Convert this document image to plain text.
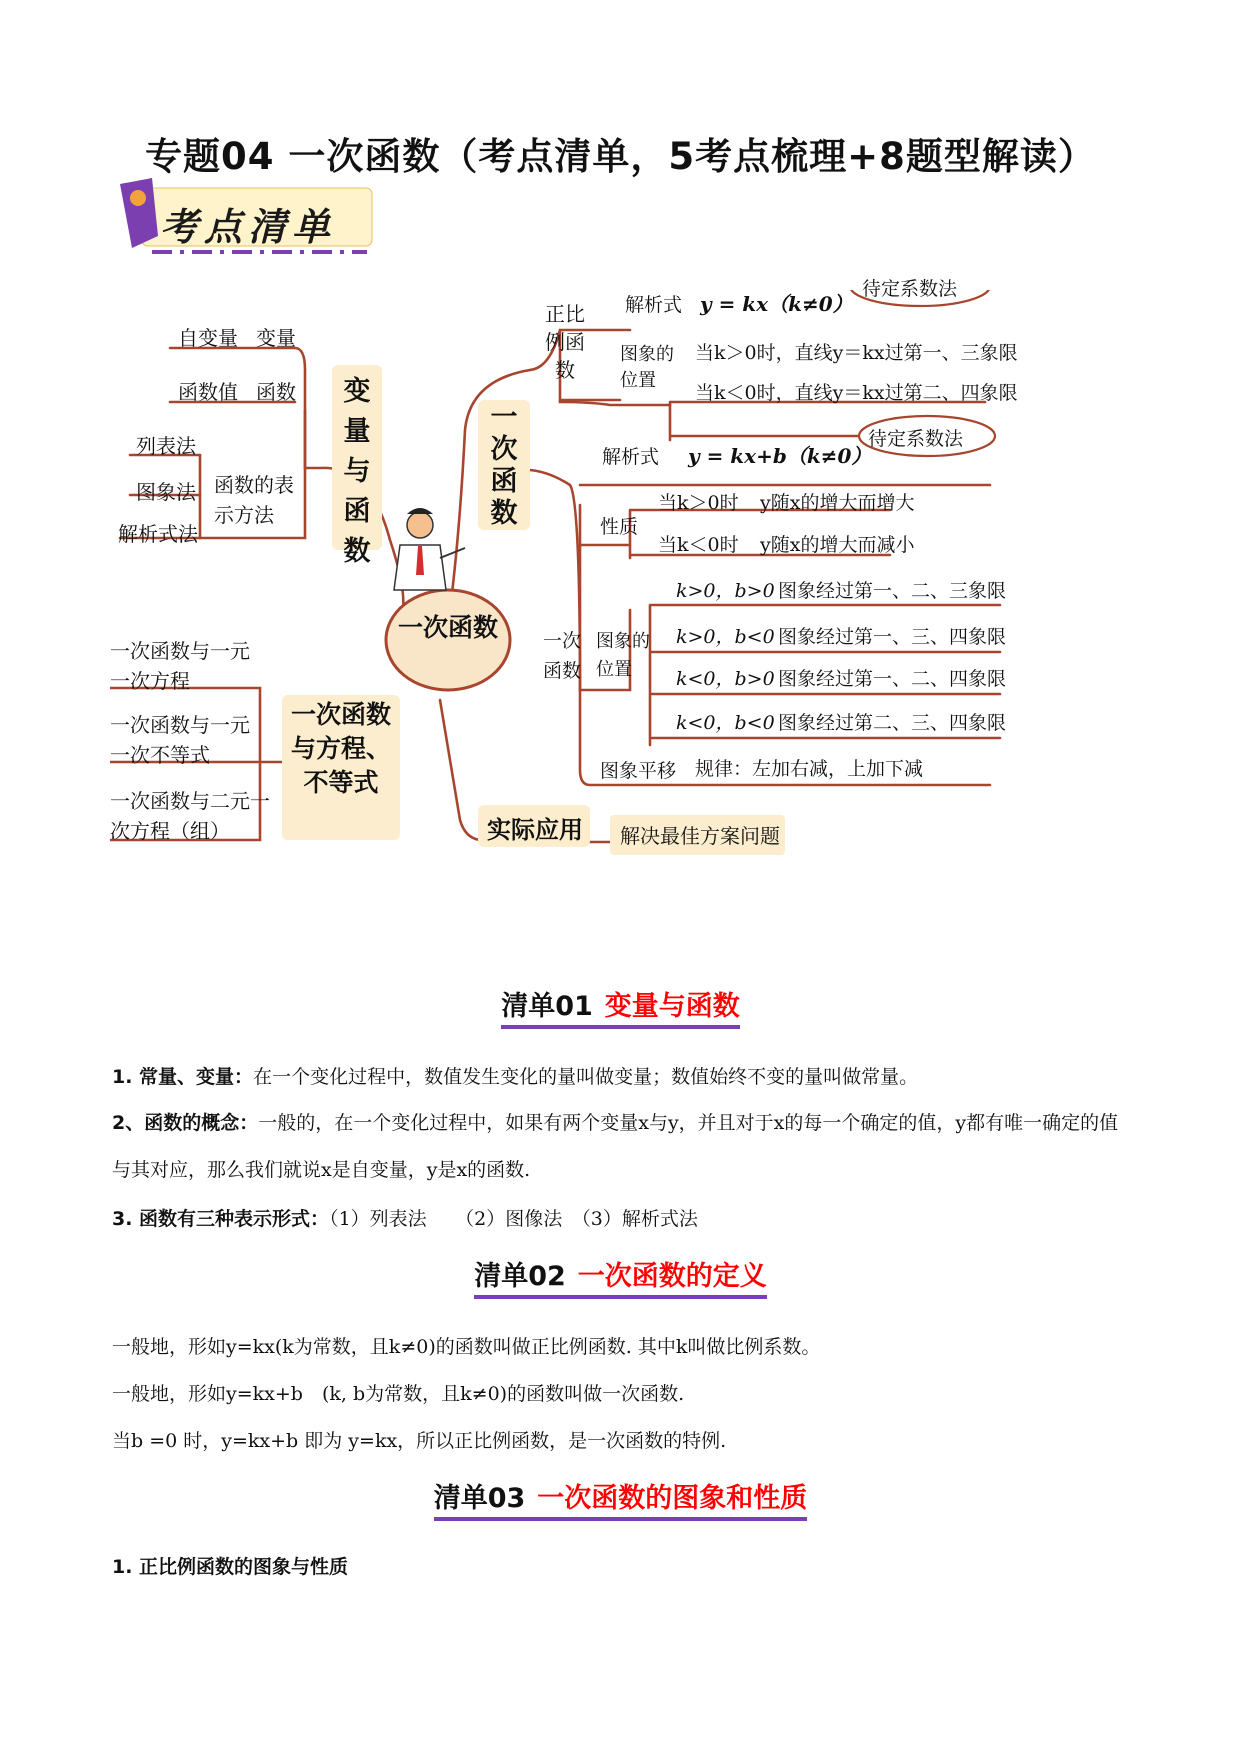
专题04 一次函数（考点清单，5考点梳理+8题型解读）
考点清单
一次函数
变量与函数
一次函数
一次函数与方程、不等式
实际应用 解决最佳方案问题
自变量 变量
函数值 函数
函数的表示方法
列表法
图象法
解析式法
一次函数与一元一次方程
一次函数与一元一次不等式
一次函数与二元一次方程（组）
正比例函数
解析式 y = kx（k≠0）
待定系数法
图象的位置
当k＞0时，直线y＝kx过第一、三象限
当k＜0时，直线y＝kx过第二、四象限
解析式 y = kx+b（k≠0）
待定系数法
性质
当k＞0时 y随x的增大而增大
当k＜0时 y随x的增大而减小
一次函数
图象的位置
k>0，b>0 图象经过第一、二、三象限
k>0，b<0 图象经过第一、三、四象限
k<0，b>0 图象经过第一、二、四象限
k<0，b<0 图象经过第二、三、四象限
图象平移 规律：左加右减，上加下减
清单01 变量与函数
1. 常量、变量：在一个变化过程中，数值发生变化的量叫做变量；数值始终不变的量叫做常量。
2、函数的概念：一般的，在一个变化过程中，如果有两个变量x与y，并且对于x的每一个确定的值，y都有唯一确定的值与其对应，那么我们就说x是自变量，y是x的函数.
3. 函数有三种表示形式：（1）列表法　　（2）图像法　（3）解析式法
清单02 一次函数的定义
一般地，形如y=kx(k为常数，且k≠0)的函数叫做正比例函数. 其中k叫做比例系数。
一般地，形如y=kx+b　(k, b为常数，且k≠0)的函数叫做一次函数.
当b =0 时，y=kx+b 即为 y=kx，所以正比例函数，是一次函数的特例.
清单03 一次函数的图象和性质
1. 正比例函数的图象与性质
